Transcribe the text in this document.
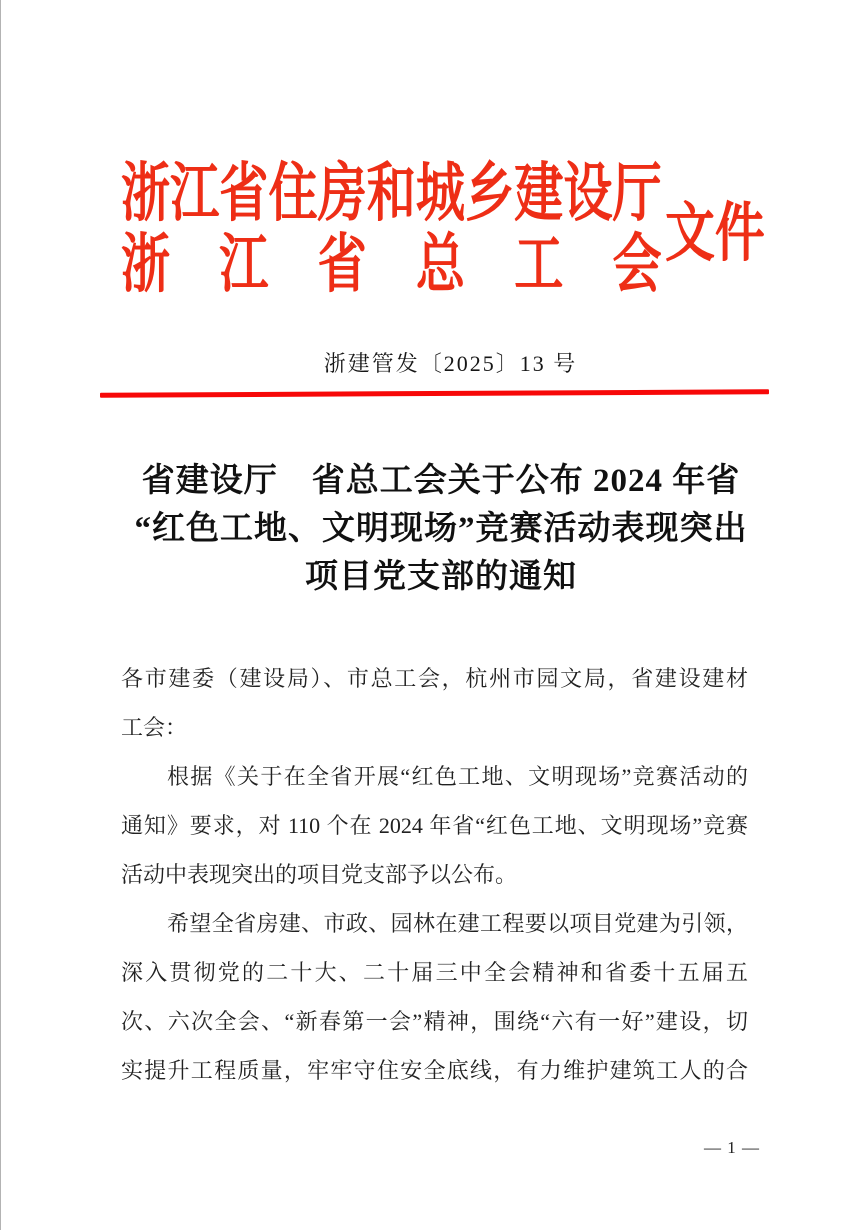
浙江省住房和城乡建设厅
浙 江 省 总 工 会 文件
浙建管发〔2025〕13 号
省建设厅　省总工会关于公布 2024 年省
“红色工地、文明现场”竞赛活动表现突出
项目党支部的通知
各市建委（建设局）、市总工会，杭州市园文局，省建设建材
工会：
根据《关于在全省开展“红色工地、文明现场”竞赛活动的
通知》要求，对 110 个在 2024 年省“红色工地、文明现场”竞赛
活动中表现突出的项目党支部予以公布。
希望全省房建、市政、园林在建工程要以项目党建为引领，
深入贯彻党的二十大、二十届三中全会精神和省委十五届五
次、六次全会、“新春第一会”精神，围绕“六有一好”建设，切
实提升工程质量，牢牢守住安全底线，有力维护建筑工人的合
— 1 —
